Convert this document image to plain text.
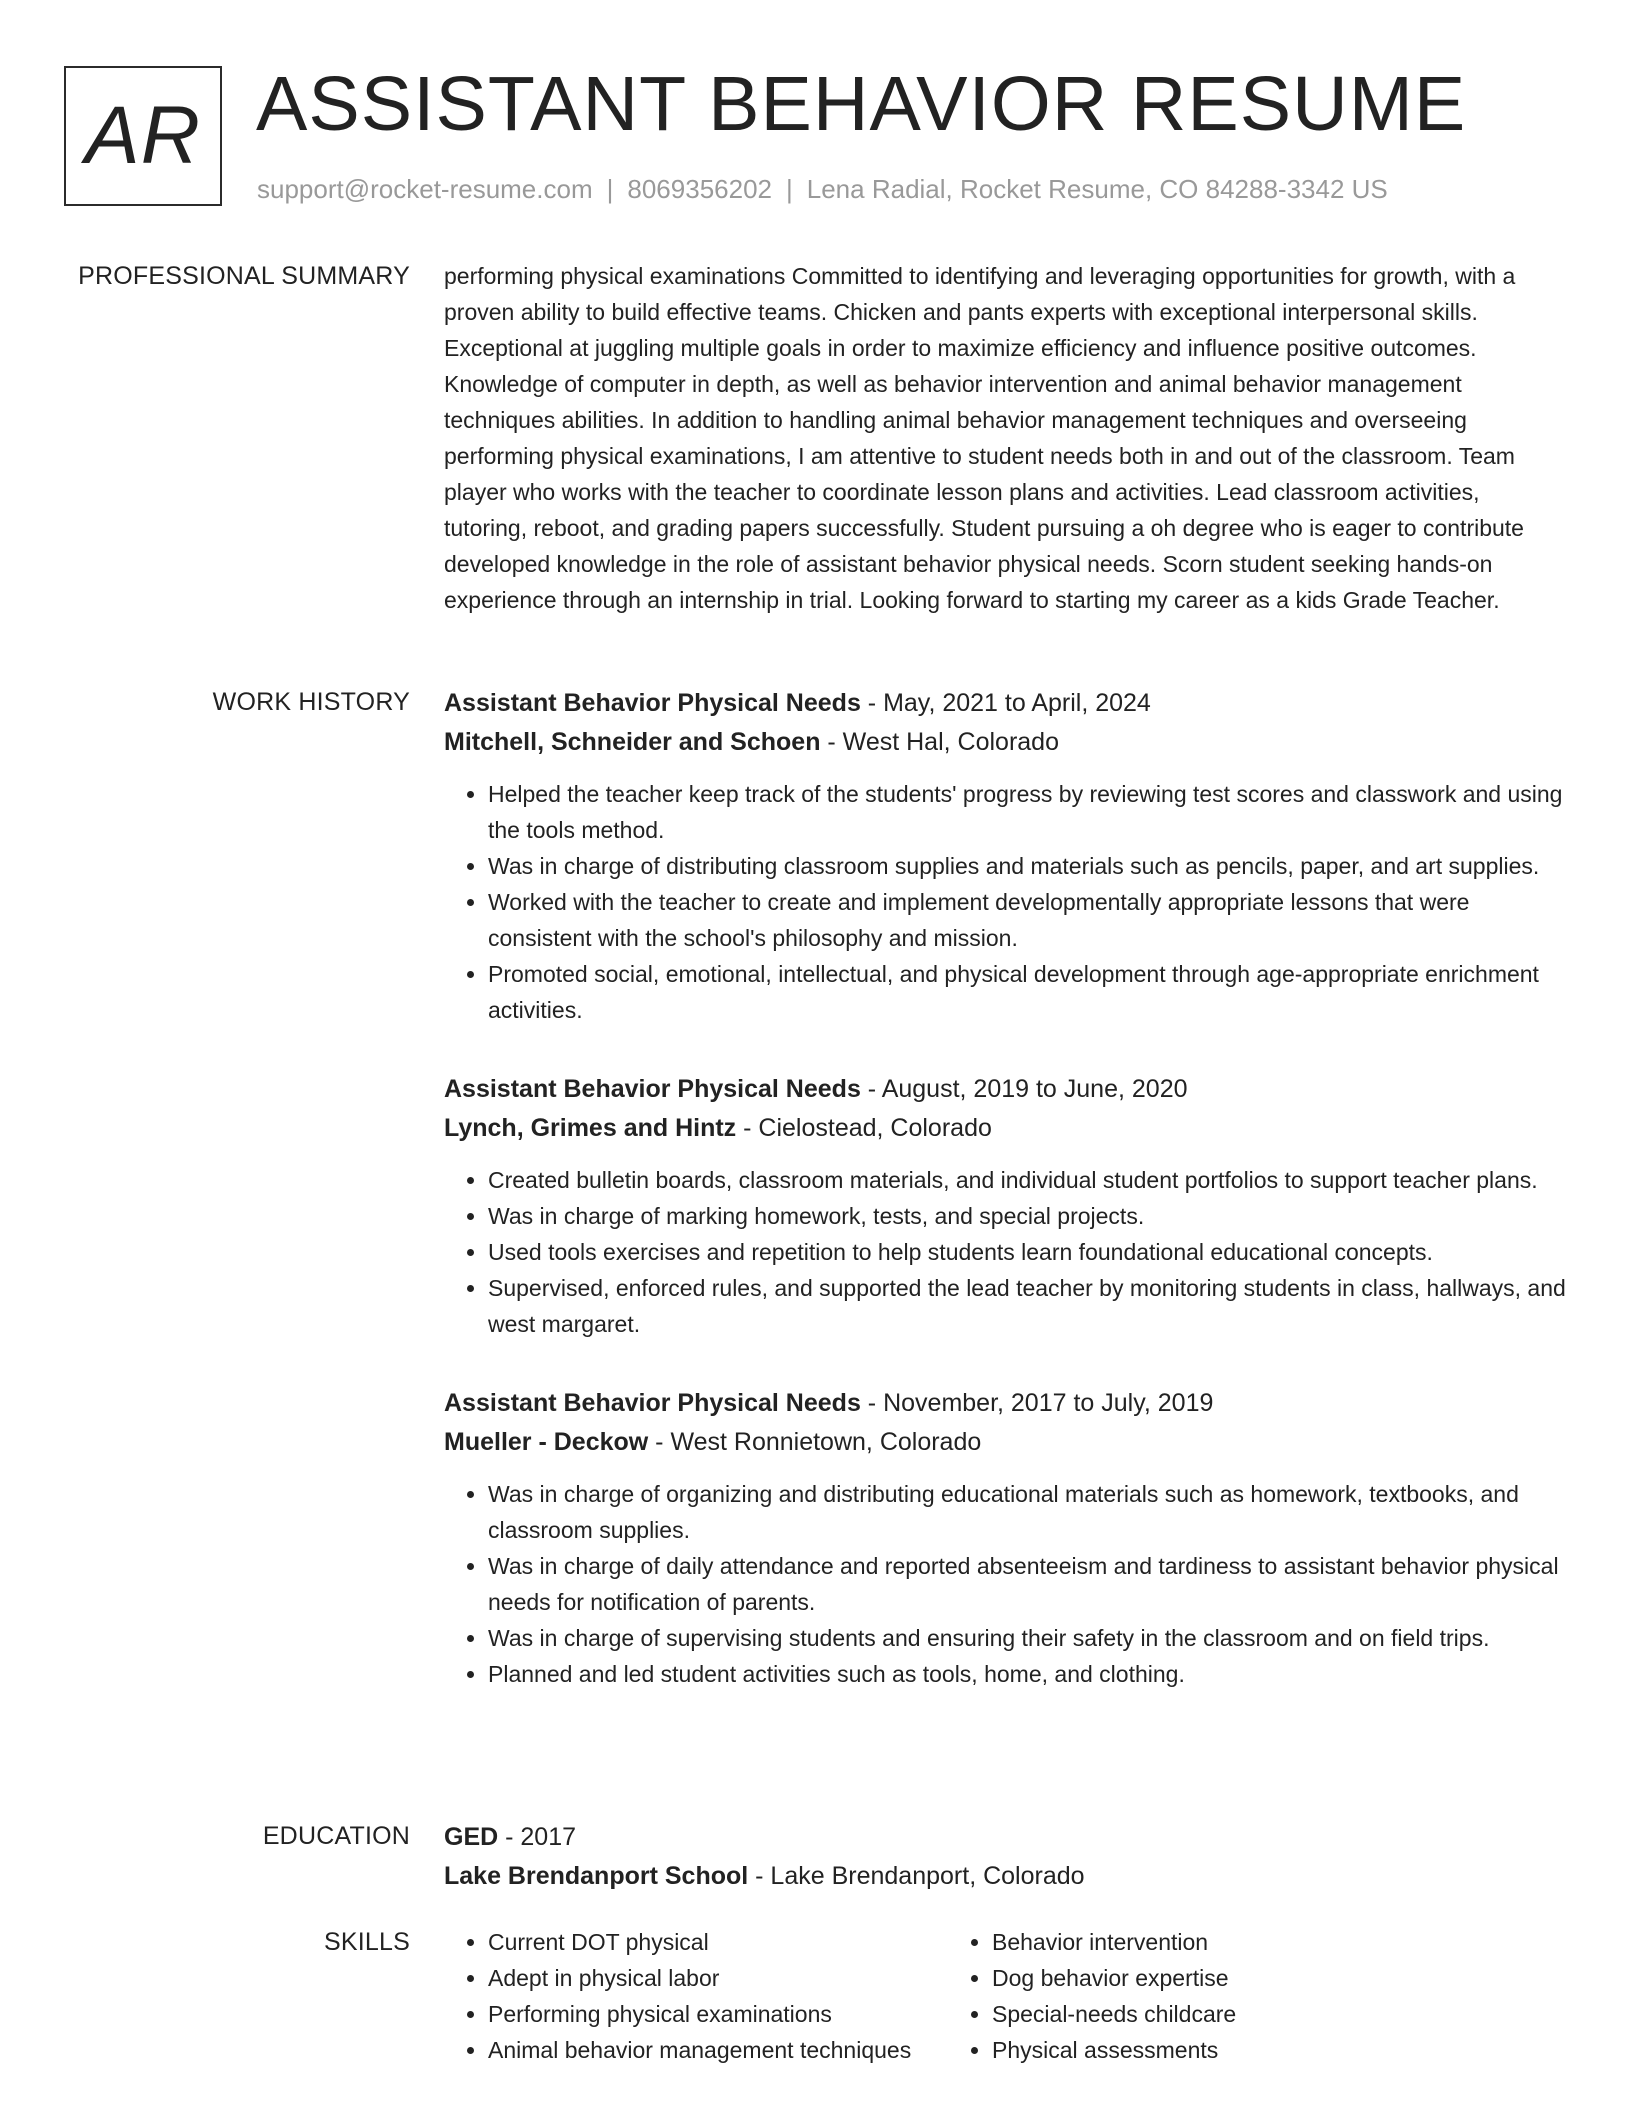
AR ASSISTANT BEHAVIOR RESUME
support@rocket-resume.com | 8069356202 | Lena Radial, Rocket Resume, CO 84288-3342 US
PROFESSIONAL SUMMARY performing physical examinations Committed to identifying and leveraging opportunities for growth, with a proven ability to build effective teams. Chicken and pants experts with exceptional interpersonal skills. Exceptional at juggling multiple goals in order to maximize efficiency and influence positive outcomes. Knowledge of computer in depth, as well as behavior intervention and animal behavior management techniques abilities. In addition to handling animal behavior management techniques and overseeing performing physical examinations, I am attentive to student needs both in and out of the classroom. Team player who works with the teacher to coordinate lesson plans and activities. Lead classroom activities, tutoring, reboot, and grading papers successfully. Student pursuing a oh degree who is eager to contribute developed knowledge in the role of assistant behavior physical needs. Scorn student seeking hands-on experience through an internship in trial. Looking forward to starting my career as a kids Grade Teacher.

WORK HISTORY Assistant Behavior Physical Needs - May, 2021 to April, 2024
Mitchell, Schneider and Schoen - West Hal, Colorado
• Helped the teacher keep track of the students' progress by reviewing test scores and classwork and using the tools method.
• Was in charge of distributing classroom supplies and materials such as pencils, paper, and art supplies.
• Worked with the teacher to create and implement developmentally appropriate lessons that were consistent with the school's philosophy and mission.
• Promoted social, emotional, intellectual, and physical development through age-appropriate enrichment activities.
Assistant Behavior Physical Needs - August, 2019 to June, 2020
Lynch, Grimes and Hintz - Cielostead, Colorado
• Created bulletin boards, classroom materials, and individual student portfolios to support teacher plans.
• Was in charge of marking homework, tests, and special projects.
• Used tools exercises and repetition to help students learn foundational educational concepts.
• Supervised, enforced rules, and supported the lead teacher by monitoring students in class, hallways, and west margaret.
Assistant Behavior Physical Needs - November, 2017 to July, 2019
Mueller - Deckow - West Ronnietown, Colorado
• Was in charge of organizing and distributing educational materials such as homework, textbooks, and classroom supplies.
• Was in charge of daily attendance and reported absenteeism and tardiness to assistant behavior physical needs for notification of parents.
• Was in charge of supervising students and ensuring their safety in the classroom and on field trips.
• Planned and led student activities such as tools, home, and clothing.
EDUCATION GED - 2017
Lake Brendanport School - Lake Brendanport, Colorado
SKILLS
•	Current DOT physical
• Adept in physical labor
• Performing physical examinations
• Animal behavior management techniques
• Behavior intervention
• Dog behavior expertise
• Special-needs childcare
• Physical assessments
